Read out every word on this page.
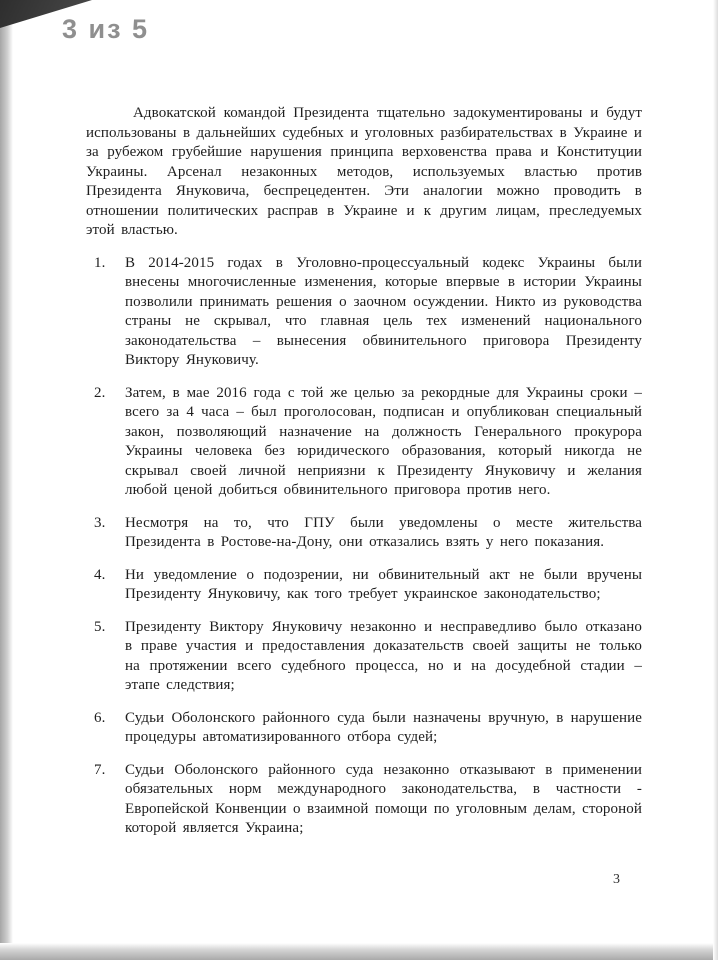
3 из 5

Адвокатской командой Президента тщательно задокументированы и будут использованы в дальнейших судебных и уголовных разбирательствах в Украине и за рубежом грубейшие нарушения принципа верховенства права и Конституции Украины. Арсенал незаконных методов, используемых властью против Президента Януковича, беспрецедентен. Эти аналогии можно проводить в отношении политических расправ в Украине и к другим лицам, преследуемых этой властью.

1.	В 2014-2015 годах в Уголовно-процессуальный кодекс Украины были внесены многочисленные изменения, которые впервые в истории Украины позволили принимать решения о заочном осуждении. Никто из руководства страны не скрывал, что главная цель тех изменений национального законодательства – вынесения обвинительного приговора Президенту Виктору Януковичу.
2.	Затем, в мае 2016 года с той же целью за рекордные для Украины сроки – всего за 4 часа – был проголосован, подписан и опубликован специальный закон, позволяющий назначение на должность Генерального прокурора Украины человека без юридического образования, который никогда не скрывал своей личной неприязни к Президенту Януковичу и желания любой ценой добиться обвинительного приговора против него.
3.	Несмотря на то, что ГПУ были уведомлены о месте жительства Президента в Ростове-на-Дону, они отказались взять у него показания.
4.	Ни уведомление о подозрении, ни обвинительный акт не были вручены Президенту Януковичу, как того требует украинское законодательство;
5.	Президенту Виктору Януковичу незаконно и несправедливо было отказано в праве участия и предоставления доказательств своей защиты не только на протяжении всего судебного процесса, но и на досудебной стадии – этапе следствия;
6.	Судьи Оболонского районного суда были назначены вручную, в нарушение процедуры автоматизированного отбора судей;
7.	Судьи Оболонского районного суда незаконно отказывают в применении обязательных норм международного законодательства, в частности - Европейской Конвенции о взаимной помощи по уголовным делам, стороной которой является Украина;
3
